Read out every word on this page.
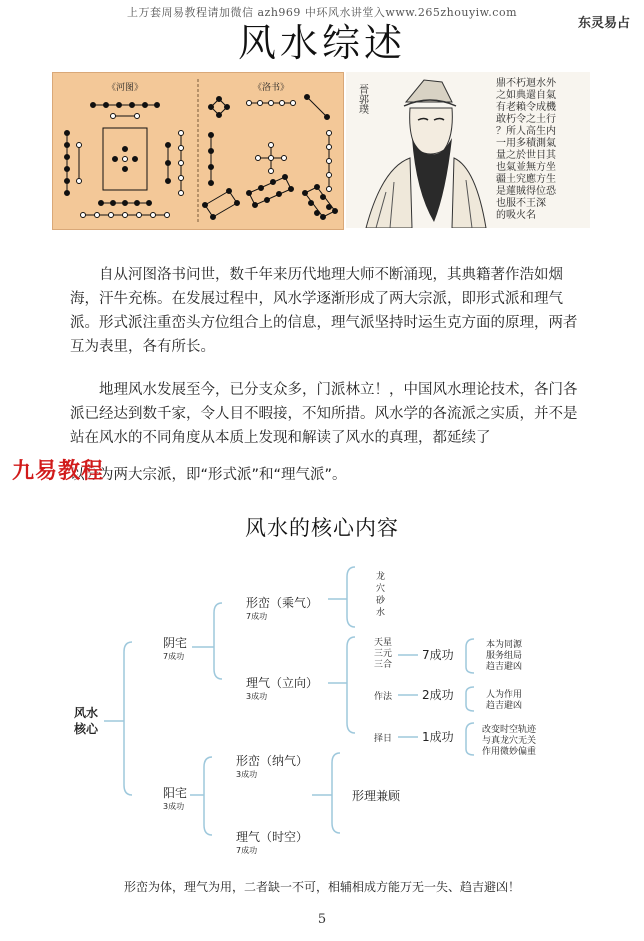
上万套周易教程请加微信 azh969 中环风水讲堂入www.265zhouyiw.com
东灵易占
风水综述
《河图》	《洛书》	晉郭璞
鼎不朽迴水外
之如典還自氣
有老賴令成機
敢朽令之土行
？所人高生内
一用多積測氣
量之於世目其
也氣並無方坐
疆土究應方生
是蓮賊得位恐
也服不王深
的吸火名
自从河图洛书问世，数千年来历代地理大师不断涌现，其典籍著作浩如烟海，汗牛充栋。在发展过程中，风水学逐渐形成了两大宗派，即形式派和理气派。形式派注重峦头方位组合上的信息，理气派坚持时运生克方面的原理，两者互为表里，各有所长。
地理风水发展至今，已分支众多，门派林立！，中国风水理论技术，各门各派已经达到数千家，令人目不暇接，不知所措。风水学的各流派之实质，并不是站在风水的不同角度从本质上发现和解读了风水的真理，都延续了
以分为两大宗派，即“形式派”和“理气派”。
九易教程
风水的核心内容
风水
核心
阴宅
7成功
阳宅
3成功
形峦（乘气）
7成功
理气（立向）
3成功
形峦（纳气）
3成功
理气（时空）
7成功
形理兼顾
龙
穴
砂
水
天星
三元
三合
作法
择日
7成功
2成功
1成功
本为同源
服务组局
趋吉避凶
人为作用
趋吉避凶
改变时空轨迹
与真龙穴无关
作用微妙偏重
形峦为体，理气为用，二者缺一不可，相辅相成方能万无一失、趋吉避凶！
5
